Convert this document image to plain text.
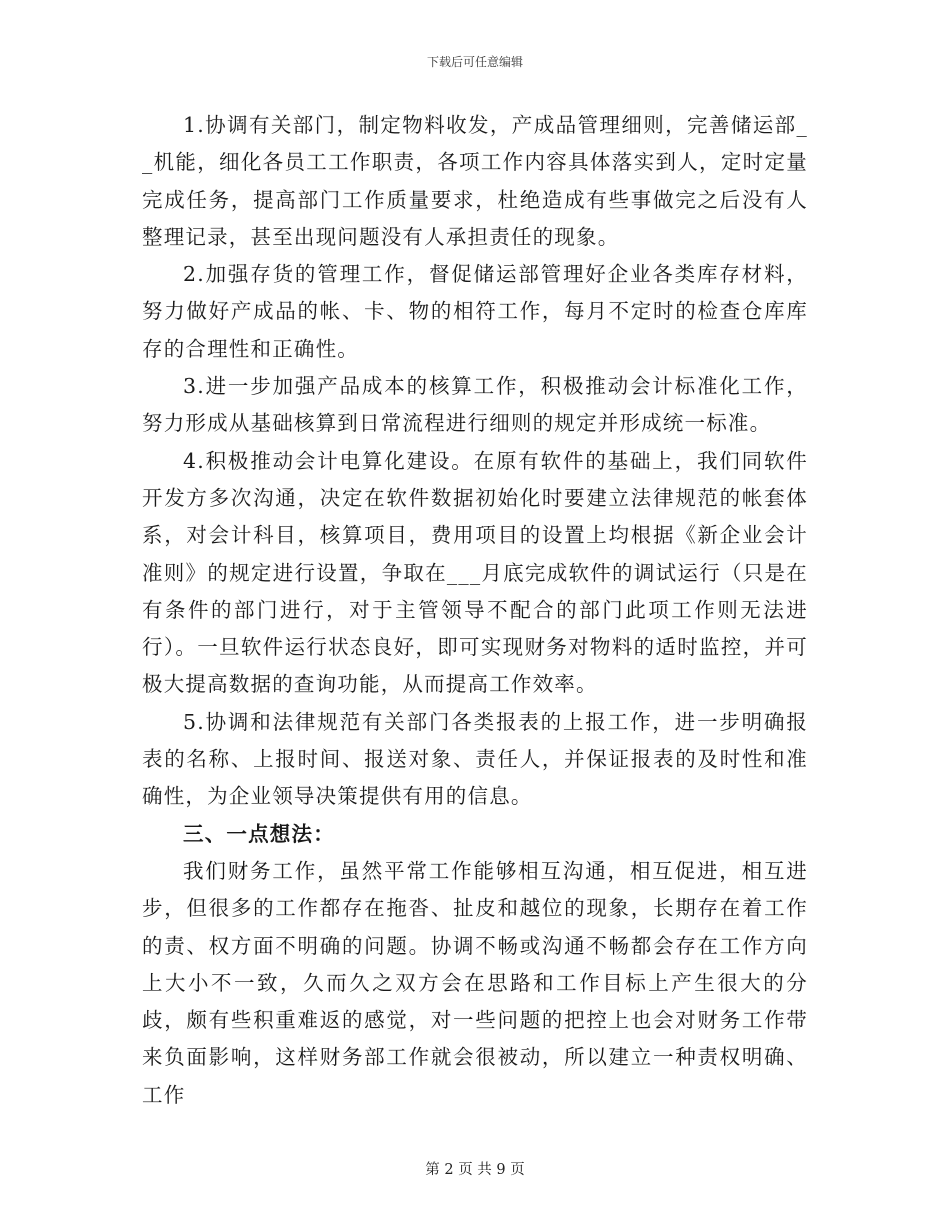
下载后可任意编辑

1.协调有关部门，制定物料收发，产成品管理细则，完善储运部__机能，细化各员工工作职责，各项工作内容具体落实到人，定时定量完成任务，提高部门工作质量要求，杜绝造成有些事做完之后没有人整理记录，甚至出现问题没有人承担责任的现象。

2.加强存货的管理工作，督促储运部管理好企业各类库存材料，努力做好产成品的帐、卡、物的相符工作，每月不定时的检查仓库库存的合理性和正确性。

3.进一步加强产品成本的核算工作，积极推动会计标准化工作，努力形成从基础核算到日常流程进行细则的规定并形成统一标准。

4.积极推动会计电算化建设。在原有软件的基础上，我们同软件开发方多次沟通，决定在软件数据初始化时要建立法律规范的帐套体系，对会计科目，核算项目，费用项目的设置上均根据《新企业会计准则》的规定进行设置，争取在___月底完成软件的调试运行（只是在有条件的部门进行，对于主管领导不配合的部门此项工作则无法进行）。一旦软件运行状态良好，即可实现财务对物料的适时监控，并可极大提高数据的查询功能，从而提高工作效率。

5.协调和法律规范有关部门各类报表的上报工作，进一步明确报表的名称、上报时间、报送对象、责任人，并保证报表的及时性和准确性，为企业领导决策提供有用的信息。

三、一点想法：

我们财务工作，虽然平常工作能够相互沟通，相互促进，相互进步，但很多的工作都存在拖沓、扯皮和越位的现象，长期存在着工作的责、权方面不明确的问题。协调不畅或沟通不畅都会存在工作方向上大小不一致，久而久之双方会在思路和工作目标上产生很大的分歧，颇有些积重难返的感觉，对一些问题的把控上也会对财务工作带来负面影响，这样财务部工作就会很被动，所以建立一种责权明确、工作

第 2 页 共 9 页
